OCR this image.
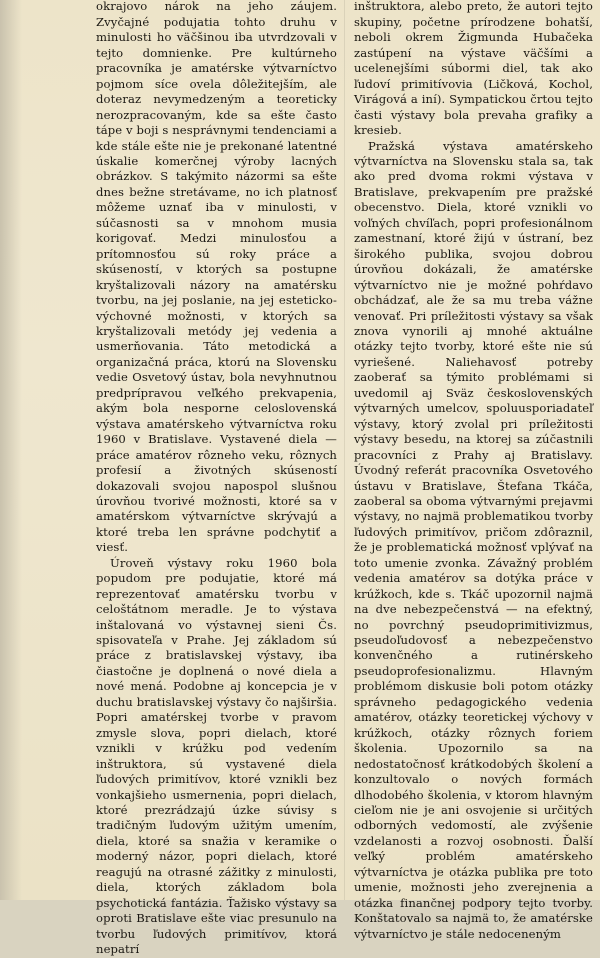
okrajovo nárok na jeho záujem. Zvyčajné podujatia tohto druhu v minulosti ho väčšinou iba utvrdzovali v tejto domnienke. Pre kultúrneho pracovníka je amatérske výtvarníctvo pojmom síce ovela dôležitejším, ale doteraz nevymedzeným a teoreticky nerozpracovaným, kde sa ešte často tápe v boji s nesprávnymi tendenciami a kde stále ešte nie je prekonané latentné úskalie komerčnej výroby lacných obrázkov. S takýmito názormi sa ešte dnes bežne stretávame, no ich platnosť môžeme uznať iba v minulosti, v súčasnosti sa v mnohom musia korigovať. Medzi minulosťou a prítomnosťou sú roky práce a skúseností, v ktorých sa postupne kryštalizovali názory na amatérsku tvorbu, na jej poslanie, na jej esteticko-výchovné možnosti, v ktorých sa kryštalizovali metódy jej vedenia a usmerňovania. Táto metodická a organizačná práca, ktorú na Slovensku vedie Osvetový ústav, bola nevyhnutnou predprípravou veľkého prekvapenia, akým bola nesporne celoslovenská výstava amatérskeho výtvarníctva roku 1960 v Bratislave. Vystavené diela — práce amatérov rôzneho veku, rôznych profesií a životných skúseností dokazovali svojou napospol slušnou úrovňou tvorivé možnosti, ktoré sa v amatérskom výtvarníctve skrývajú a ktoré treba len správne podchytiť a viesť.

Úroveň výstavy roku 1960 bola popudom pre podujatie, ktoré má reprezentovať amatérsku tvorbu v celoštátnom meradle. Je to výstava inštalovaná vo výstavnej sieni Čs. spisovateľa v Prahe. Jej základom sú práce z bratislavskej výstavy, iba čiastočne je doplnená o nové diela a nové mená. Podobne aj koncepcia je v duchu bratislavskej výstavy čo najširšia. Popri amatérskej tvorbe v pravom zmysle slova, popri dielach, ktoré vznikli v krúžku pod vedením inštruktora, sú vystavené diela ľudových primitívov, ktoré vznikli bez vonkajšieho usmernenia, popri dielach, ktoré prezrádzajú úzke súvisy s tradičným ľudovým užitým umením, diela, ktoré sa snažia v keramike o moderný názor, popri dielach, ktoré reagujú na otrasné zážitky z minulosti, diela, ktorých základom bola psychotická fantázia. Ťažisko výstavy sa oproti Bratislave ešte viac presunulo na tvorbu ľudových primitívov, ktorá nepatrí

inštruktora, alebo preto, že autori tejto skupiny, početne prírodzene bohatší, neboli okrem Žigmunda Hubačeka zastúpení na výstave väčšími a ucelenejšími súbormi diel, tak ako ľudoví primitívovia (Ličková, Kochol, Virágová a iní). Sympatickou črtou tejto časti výstavy bola prevaha grafiky a kresieb.

Pražská výstava amatérskeho výtvarníctva na Slovensku stala sa, tak ako pred dvoma rokmi výstava v Bratislave, prekvapením pre pražské obecenstvo. Diela, ktoré vznikli vo voľných chvíľach, popri profesionálnom zamestnaní, ktoré žijú v ústraní, bez širokého publika, svojou dobrou úrovňou dokázali, že amatérske výtvarníctvo nie je možné pohŕdavo obchádzať, ale že sa mu treba vážne venovať. Pri príležitosti výstavy sa však znova vynorili aj mnohé aktuálne otázky tejto tvorby, ktoré ešte nie sú vyriešené. Naliehavosť potreby zaoberať sa týmito problémami si uvedomil aj Sväz československých výtvarných umelcov, spoluusporiadateľ výstavy, ktorý zvolal pri príležitosti výstavy besedu, na ktorej sa zúčastnili pracovníci z Prahy aj Bratislavy. Úvodný referát pracovníka Osvetového ústavu v Bratislave, Štefana Tkáča, zaoberal sa oboma výtvarnými prejavmi výstavy, no najmä problematikou tvorby ľudových primitívov, pričom zdôraznil, že je problematická možnosť vplývať na toto umenie zvonka. Závažný problém vedenia amatérov sa dotýka práce v krúžkoch, kde s. Tkáč upozornil najmä na dve nebezpečenstvá — na efektný, no povrchný pseudoprimitivizmus, pseudoľudovosť a nebezpečenstvo konvenčného a rutinérskeho pseudoprofesionalizmu. Hlavným problémom diskusie boli potom otázky správneho pedagogického vedenia amatérov, otázky teoretickej výchovy v krúžkoch, otázky rôznych foriem školenia. Upozornilo sa na nedostatočnosť krátkodobých školení a konzultovalo o nových formách dlhodobého školenia, v ktorom hlavným cieľom nie je ani osvojenie si určitých odborných vedomostí, ale zvýšenie vzdelanosti a rozvoj osobnosti. Ďalší veľký problém amatérskeho výtvarníctva je otázka publika pre toto umenie, možnosti jeho zverejnenia a otázka finančnej podpory tejto tvorby. Konštatovalo sa najmä to, že amatérske výtvarníctvo je stále nedoceneným
